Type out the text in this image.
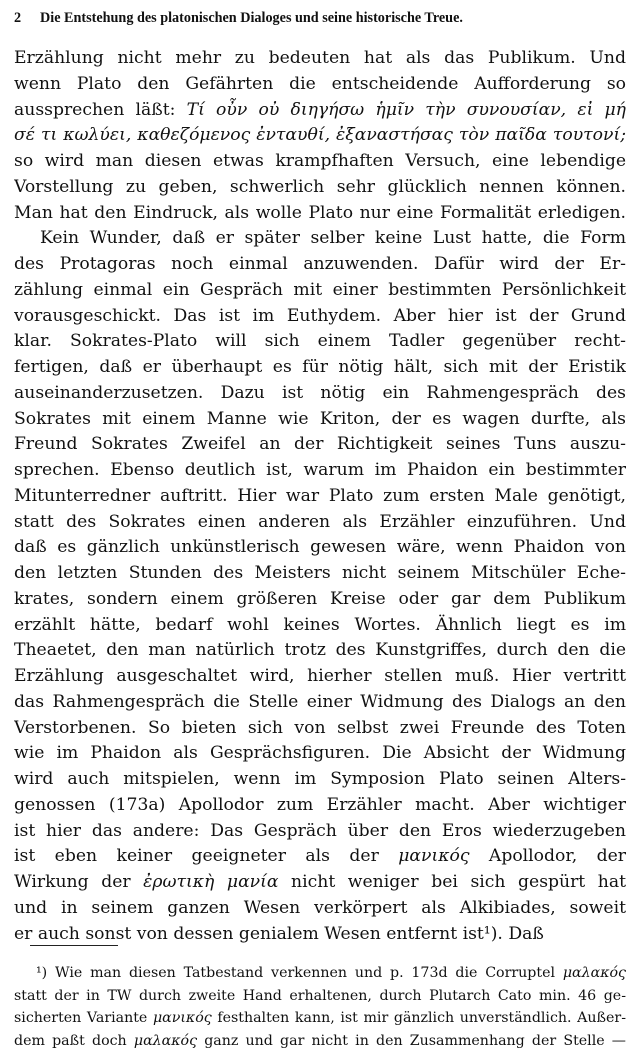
2 Die Entstehung des platonischen Dialoges und seine historische Treue.
Erzählung nicht mehr zu bedeuten hat als das Publikum. Und
wenn Plato den Gefährten die entscheidende Aufforderung so
aussprechen läßt: Τί οὖν οὐ διηγήσω ἡμῖν τὴν συνουσίαν, εἰ μή
σέ τι κωλύει, καθεζόμενος ἐνταυθί, ἐξαναστήσας τὸν παῖδα τουτονί;
so wird man diesen etwas krampfhaften Versuch, eine lebendige
Vorstellung zu geben, schwerlich sehr glücklich nennen können.
Man hat den Eindruck, als wolle Plato nur eine Formalität erledigen.
Kein Wunder, daß er später selber keine Lust hatte, die Form
des Protagoras noch einmal anzuwenden. Dafür wird der Er-
zählung einmal ein Gespräch mit einer bestimmten Persönlichkeit
vorausgeschickt. Das ist im Euthydem. Aber hier ist der Grund
klar. Sokrates-Plato will sich einem Tadler gegenüber recht-
fertigen, daß er überhaupt es für nötig hält, sich mit der Eristik
auseinanderzusetzen. Dazu ist nötig ein Rahmengespräch des
Sokrates mit einem Manne wie Kriton, der es wagen durfte, als
Freund Sokrates Zweifel an der Richtigkeit seines Tuns auszu-
sprechen. Ebenso deutlich ist, warum im Phaidon ein bestimmter
Mitunterredner auftritt. Hier war Plato zum ersten Male genötigt,
statt des Sokrates einen anderen als Erzähler einzuführen. Und
daß es gänzlich unkünstlerisch gewesen wäre, wenn Phaidon von
den letzten Stunden des Meisters nicht seinem Mitschüler Eche-
krates, sondern einem größeren Kreise oder gar dem Publikum
erzählt hätte, bedarf wohl keines Wortes. Ähnlich liegt es im
Theaetet, den man natürlich trotz des Kunstgriffes, durch den die
Erzählung ausgeschaltet wird, hierher stellen muß. Hier vertritt
das Rahmengespräch die Stelle einer Widmung des Dialogs an den
Verstorbenen. So bieten sich von selbst zwei Freunde des Toten
wie im Phaidon als Gesprächsfiguren. Die Absicht der Widmung
wird auch mitspielen, wenn im Symposion Plato seinen Alters-
genossen (173a) Apollodor zum Erzähler macht. Aber wichtiger
ist hier das andere: Das Gespräch über den Eros wiederzugeben
ist eben keiner geeigneter als der μανικός Apollodor, der
Wirkung der ἐρωτικὴ μανία nicht weniger bei sich gespürt hat
und in seinem ganzen Wesen verkörpert als Alkibiades, soweit
er auch sonst von dessen genialem Wesen entfernt ist¹). Daß
¹) Wie man diesen Tatbestand verkennen und p. 173d die Corruptel μαλακός
statt der in TW durch zweite Hand erhaltenen, durch Plutarch Cato min. 46 ge-
sicherten Variante μανικός festhalten kann, ist mir gänzlich unverständlich. Außer-
dem paßt doch μαλακός ganz und gar nicht in den Zusammenhang der Stelle —
